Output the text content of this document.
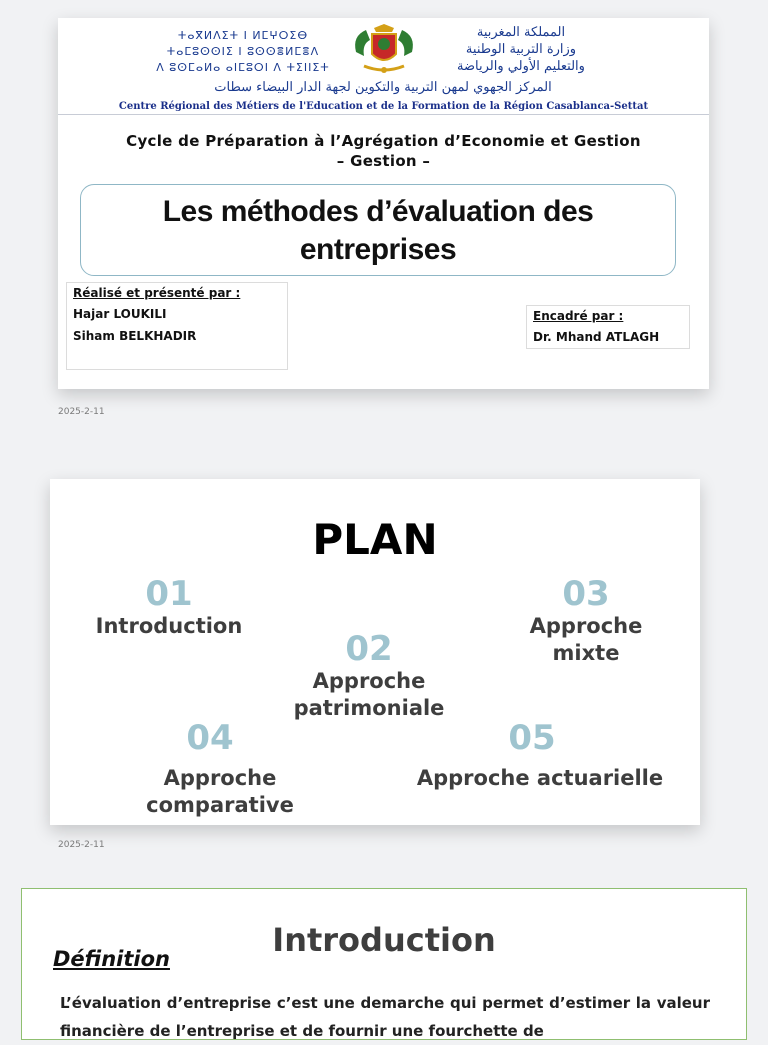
ⵜⴰⴳⵍⴷⵉⵜ ⵏ ⵍⵎⵖⵔⵉⴱ
ⵜⴰⵎⵓⵙⵙⵏⵉ ⵏ ⵓⵙⵙⴻⵍⵎⴻⴷ
ⴷ ⵓⵙⵎⴰⵍⴰ ⴰⵏⵎⵓⵔⵏ ⴷ ⵜⵉⵏⵏⵉⵜ
المملكة المغربية
وزارة التربية الوطنية
والتعليم الأولي والرياضة
المركز الجهوي لمهن التربية والتكوين لجهة الدار البيضاء سطات
Centre Régional des Métiers de l'Education et de la Formation de la Région Casablanca-Settat
Cycle de Préparation à l’Agrégation d’Economie et Gestion
– Gestion –
Les méthodes d’évaluation des
entreprises
Réalisé et présenté par :
Hajar LOUKILI
Siham BELKHADIR
Encadré par :
Dr. Mhand ATLAGH
2025-2-11
PLAN
01
Introduction
02
Approche
patrimoniale
03
Approche
mixte
04
Approche
comparative
05
Approche actuarielle
2025-2-11
Introduction
Définition
L’évaluation d’entreprise c’est une demarche qui permet d’estimer la valeur financière de l’entreprise et de fournir une fourchette de
